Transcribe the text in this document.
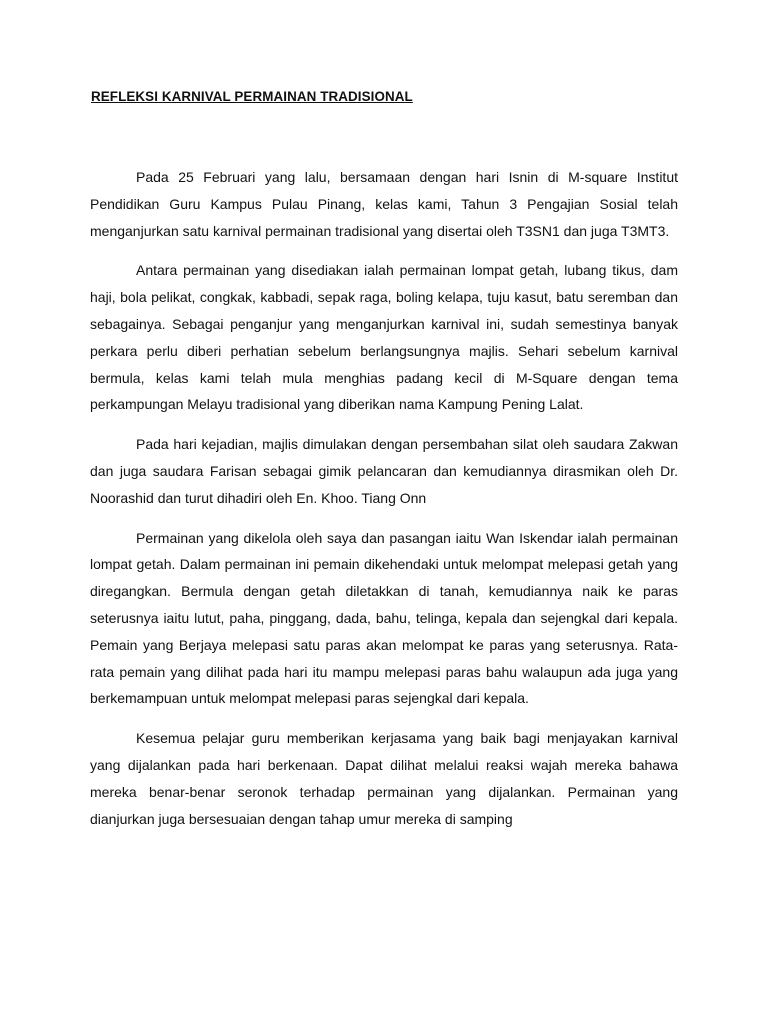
REFLEKSI KARNIVAL PERMAINAN TRADISIONAL

Pada 25 Februari yang lalu, bersamaan dengan hari Isnin di M-square Institut Pendidikan Guru Kampus Pulau Pinang, kelas kami, Tahun 3 Pengajian Sosial telah menganjurkan satu karnival permainan tradisional yang disertai oleh T3SN1 dan juga T3MT3.

Antara permainan yang disediakan ialah permainan lompat getah, lubang tikus, dam haji, bola pelikat, congkak, kabbadi, sepak raga, boling kelapa, tuju kasut, batu seremban dan sebagainya. Sebagai penganjur yang menganjurkan karnival ini, sudah semestinya banyak perkara perlu diberi perhatian sebelum berlangsungnya majlis. Sehari sebelum karnival bermula, kelas kami telah mula menghias padang kecil di M-Square dengan tema perkampungan Melayu tradisional yang diberikan nama Kampung Pening Lalat.

Pada hari kejadian, majlis dimulakan dengan persembahan silat oleh saudara Zakwan dan juga saudara Farisan sebagai gimik pelancaran dan kemudiannya dirasmikan oleh Dr. Noorashid dan turut dihadiri oleh En. Khoo. Tiang Onn

Permainan yang dikelola oleh saya dan pasangan iaitu Wan Iskendar ialah permainan lompat getah. Dalam permainan ini pemain dikehendaki untuk melompat melepasi getah yang diregangkan. Bermula dengan getah diletakkan di tanah, kemudiannya naik ke paras seterusnya iaitu lutut, paha, pinggang, dada, bahu, telinga, kepala dan sejengkal dari kepala. Pemain yang Berjaya melepasi satu paras akan melompat ke paras yang seterusnya. Rata-rata pemain yang dilihat pada hari itu mampu melepasi paras bahu walaupun ada juga yang berkemampuan untuk melompat melepasi paras sejengkal dari kepala.

Kesemua pelajar guru memberikan kerjasama yang baik bagi menjayakan karnival yang dijalankan pada hari berkenaan. Dapat dilihat melalui reaksi wajah mereka bahawa mereka benar-benar seronok terhadap permainan yang dijalankan. Permainan yang dianjurkan juga bersesuaian dengan tahap umur mereka di samping
